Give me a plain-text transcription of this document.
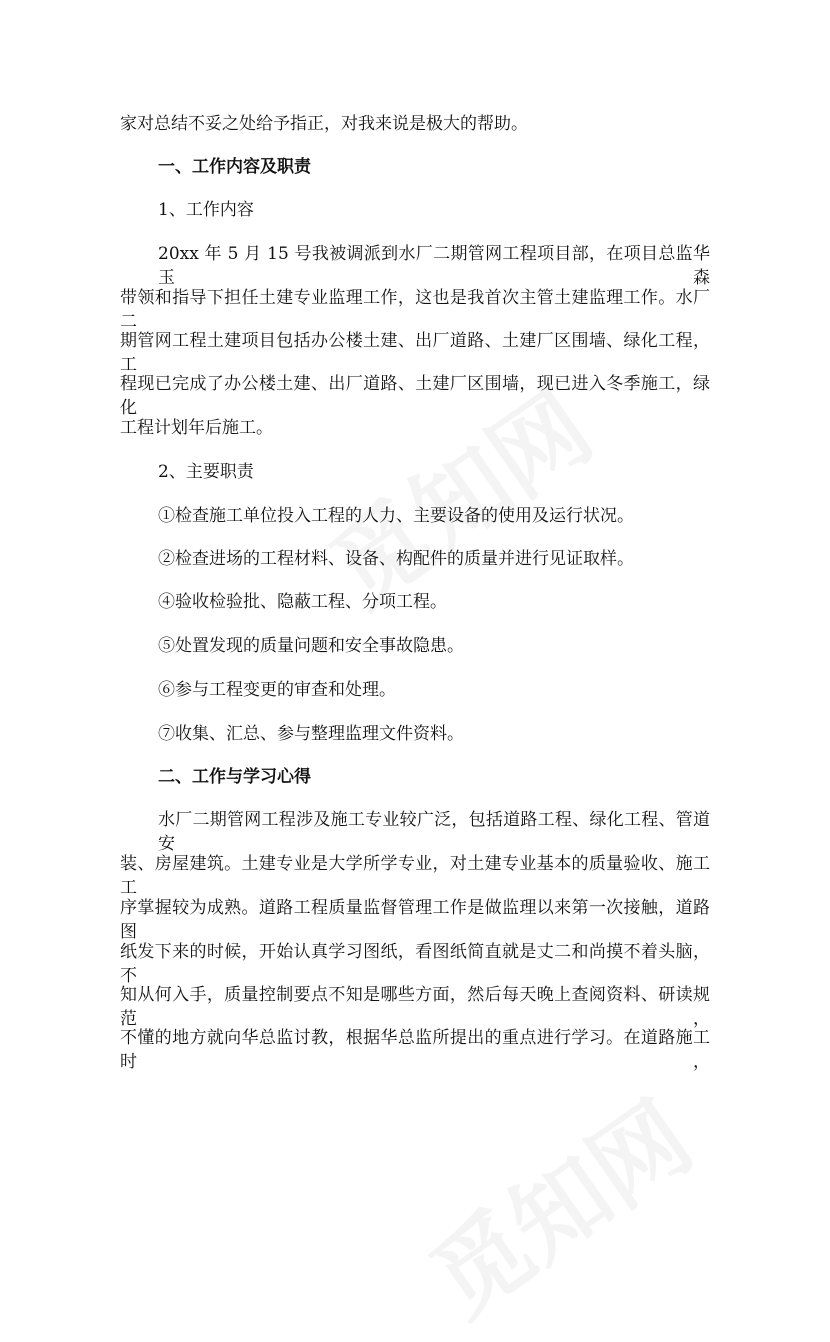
家对总结不妥之处给予指正，对我来说是极大的帮助。
一、工作内容及职责
1、工作内容
20xx 年 5 月 15 号我被调派到水厂二期管网工程项目部，在项目总监华玉森
带领和指导下担任土建专业监理工作，这也是我首次主管土建监理工作。水厂二
期管网工程土建项目包括办公楼土建、出厂道路、土建厂区围墙、绿化工程，工
程现已完成了办公楼土建、出厂道路、土建厂区围墙，现已进入冬季施工，绿化
工程计划年后施工。
2、主要职责
①检查施工单位投入工程的人力、主要设备的使用及运行状况。
②检查进场的工程材料、设备、构配件的质量并进行见证取样。
④验收检验批、隐蔽工程、分项工程。
⑤处置发现的质量问题和安全事故隐患。
⑥参与工程变更的审查和处理。
⑦收集、汇总、参与整理监理文件资料。
二、工作与学习心得
水厂二期管网工程涉及施工专业较广泛，包括道路工程、绿化工程、管道安
装、房屋建筑。土建专业是大学所学专业，对土建专业基本的质量验收、施工工
序掌握较为成熟。道路工程质量监督管理工作是做监理以来第一次接触，道路图
纸发下来的时候，开始认真学习图纸，看图纸简直就是丈二和尚摸不着头脑，不
知从何入手，质量控制要点不知是哪些方面，然后每天晚上查阅资料、研读规范，
不懂的地方就向华总监讨教，根据华总监所提出的重点进行学习。在道路施工时，
